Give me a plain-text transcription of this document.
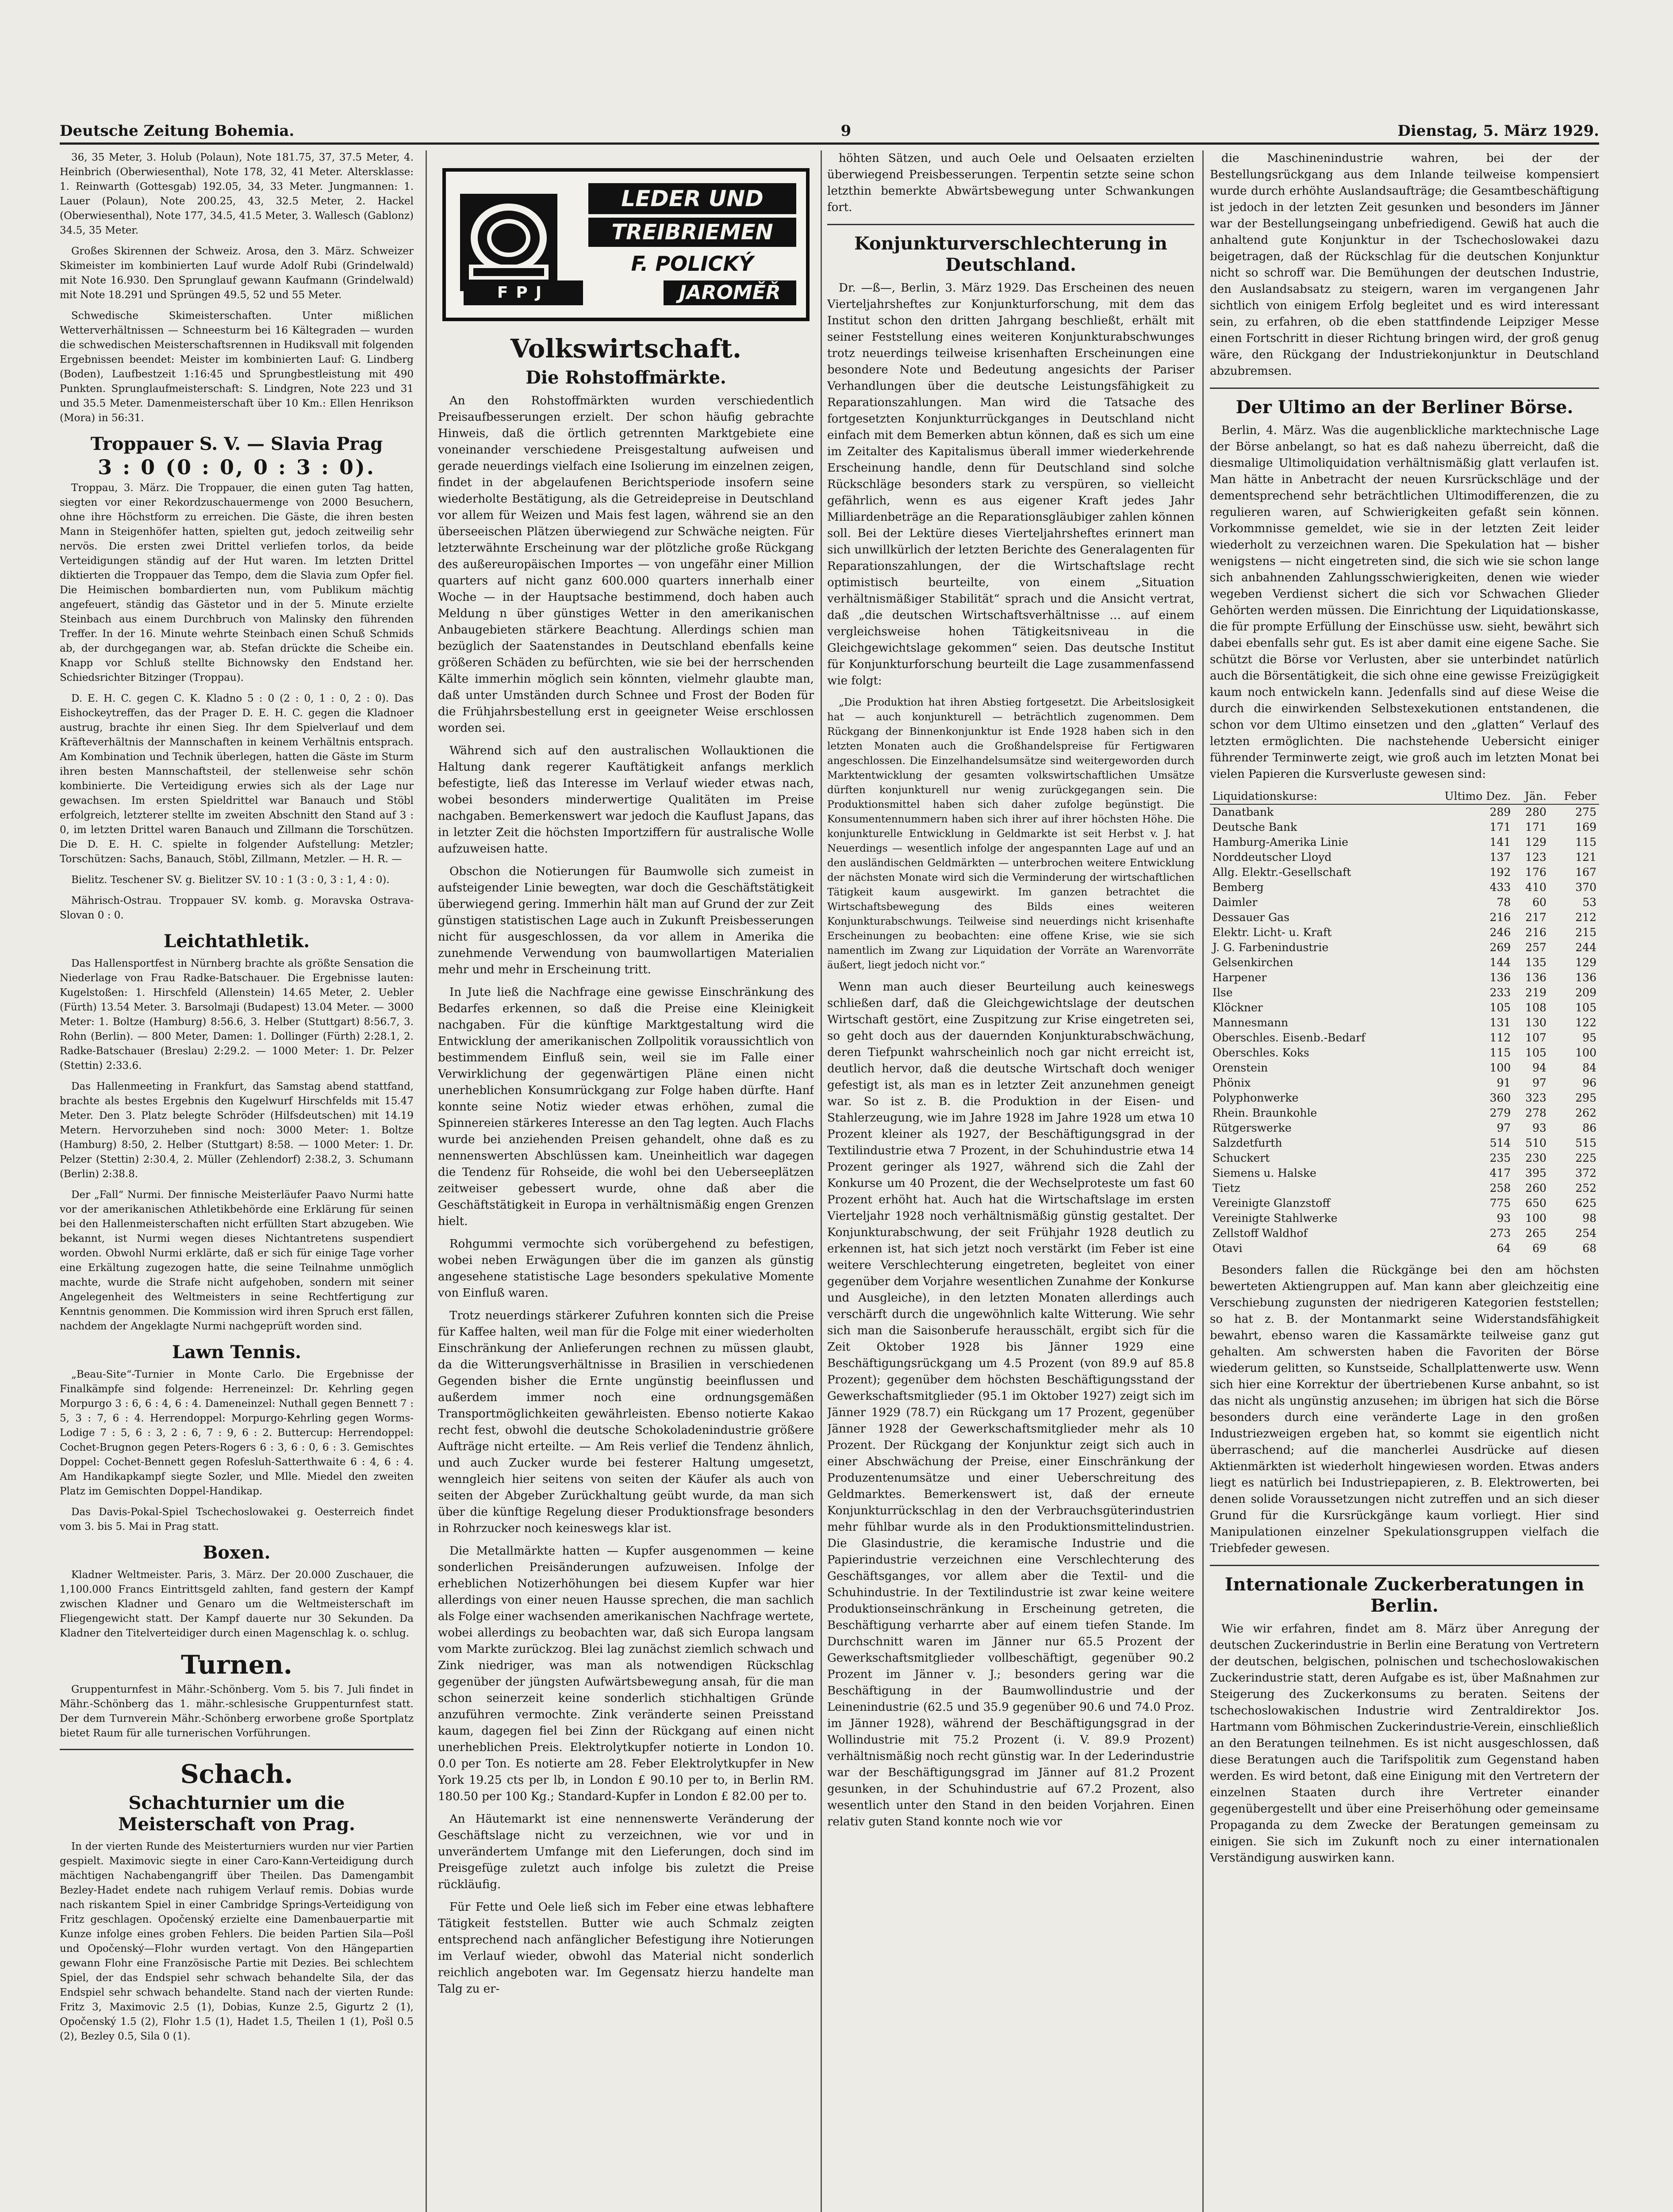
Deutsche Zeitung Bohemia.	9	Dienstag, 5. März 1929.

36, 35 Meter, 3. Holub (Polaun), Note 181.75, 37, 37.5 Meter, 4. Heinbrich (Oberwiesenthal), Note 178, 32, 41 Meter. Altersklasse: 1. Reinwarth (Gottesgab) 192.05, 34, 33 Meter. Jungmannen: 1. Lauer (Polaun), Note 200.25, 43, 32.5 Meter, 2. Hackel (Oberwiesenthal), Note 177, 34.5, 41.5 Meter, 3. Wallesch (Gablonz) 34.5, 35 Meter.

Großes Skirennen der Schweiz. Arosa, den 3. März. Schweizer Skimeister im kombinierten Lauf wurde Adolf Rubi (Grindelwald) mit Note 16.930. Den Sprunglauf gewann Kaufmann (Grindelwald) mit Note 18.291 und Sprüngen 49.5, 52 und 55 Meter.

Schwedische Skimeisterschaften. Unter mißlichen Wetterverhältnissen — Schneesturm bei 16 Kältegraden — wurden die schwedischen Meisterschaftsrennen in Hudiksvall mit folgenden Ergebnissen beendet: Meister im kombinierten Lauf: G. Lindberg (Boden), Laufbestzeit 1:16:45 und Sprungbestleistung mit 490 Punkten. Sprunglaufmeisterschaft: S. Lindgren, Note 223 und 31 und 35.5 Meter. Damenmeisterschaft über 10 Km.: Ellen Henrikson (Mora) in 56:31.

Troppauer S. V. — Slavia Prag
3 : 0 (0 : 0, 0 : 3 : 0).

Troppau, 3. März. Die Troppauer, die einen guten Tag hatten, siegten vor einer Rekordzuschauermenge von 2000 Besuchern, ohne ihre Höchstform zu erreichen. Die Gäste, die ihren besten Mann in Steigenhöfer hatten, spielten gut, jedoch zeitweilig sehr nervös. Die ersten zwei Drittel verliefen torlos, da beide Verteidigungen ständig auf der Hut waren. Im letzten Drittel diktierten die Troppauer das Tempo, dem die Slavia zum Opfer fiel. Die Heimischen bombardierten nun, vom Publikum mächtig angefeuert, ständig das Gästetor und in der 5. Minute erzielte Steinbach aus einem Durchbruch von Malinsky den führenden Treffer. In der 16. Minute wehrte Steinbach einen Schuß Schmids ab, der durchgegangen war, ab. Stefan drückte die Scheibe ein. Knapp vor Schluß stellte Bichnowsky den Endstand her. Schiedsrichter Bitzinger (Troppau).

D. E. H. C. gegen C. K. Kladno 5 : 0 (2 : 0, 1 : 0, 2 : 0). Das Eishockeytreffen, das der Prager D. E. H. C. gegen die Kladnoer austrug, brachte ihr einen Sieg. Ihr dem Spielverlauf und dem Kräfteverhältnis der Mannschaften in keinem Verhältnis entsprach. Am Kombination und Technik überlegen, hatten die Gäste im Sturm ihren besten Mannschaftsteil, der stellenweise sehr schön kombinierte. Die Verteidigung erwies sich als der Lage nur gewachsen. Im ersten Spieldrittel war Banauch und Stöbl erfolgreich, letzterer stellte im zweiten Abschnitt den Stand auf 3 : 0, im letzten Drittel waren Banauch und Zillmann die Torschützen. Die D. E. H. C. spielte in folgender Aufstellung: Metzler; Torschützen: Sachs, Banauch, Stöbl, Zillmann, Metzler. — H. R. —

Bielitz. Teschener SV. g. Bielitzer SV. 10 : 1 (3 : 0, 3 : 1, 4 : 0).

Mährisch-Ostrau. Troppauer SV. komb. g. Moravska Ostrava-Slovan 0 : 0.

Leichtathletik.

Das Hallensportfest in Nürnberg brachte als größte Sensation die Niederlage von Frau Radke-Batschauer. Die Ergebnisse lauten: Kugelstoßen: 1. Hirschfeld (Allenstein) 14.65 Meter, 2. Uebler (Fürth) 13.54 Meter. 3. Barsolmaji (Budapest) 13.04 Meter. — 3000 Meter: 1. Boltze (Hamburg) 8:56.6, 3. Helber (Stuttgart) 8:56.7, 3. Rohn (Berlin). — 800 Meter, Damen: 1. Dollinger (Fürth) 2:28.1, 2. Radke-Batschauer (Breslau) 2:29.2. — 1000 Meter: 1. Dr. Pelzer (Stettin) 2:33.6.

Das Hallenmeeting in Frankfurt, das Samstag abend stattfand, brachte als bestes Ergebnis den Kugelwurf Hirschfelds mit 15.47 Meter. Den 3. Platz belegte Schröder (Hilfsdeutschen) mit 14.19 Metern. Hervorzuheben sind noch: 3000 Meter: 1. Boltze (Hamburg) 8:50, 2. Helber (Stuttgart) 8:58. — 1000 Meter: 1. Dr. Pelzer (Stettin) 2:30.4, 2. Müller (Zehlendorf) 2:38.2, 3. Schumann (Berlin) 2:38.8.

Der „Fall“ Nurmi. Der finnische Meisterläufer Paavo Nurmi hatte vor der amerikanischen Athletikbehörde eine Erklärung für seinen bei den Hallenmeisterschaften nicht erfüllten Start abzugeben. Wie bekannt, ist Nurmi wegen dieses Nichtantretens suspendiert worden. Obwohl Nurmi erklärte, daß er sich für einige Tage vorher eine Erkältung zugezogen hatte, die seine Teilnahme unmöglich machte, wurde die Strafe nicht aufgehoben, sondern mit seiner Angelegenheit des Weltmeisters in seine Rechtfertigung zur Kenntnis genommen. Die Kommission wird ihren Spruch erst fällen, nachdem der Angeklagte Nurmi nachgeprüft worden sind.

Lawn Tennis.

„Beau-Site“-Turnier in Monte Carlo. Die Ergebnisse der Finalkämpfe sind folgende: Herreneinzel: Dr. Kehrling gegen Morpurgo 3 : 6, 6 : 4, 6 : 4. Dameneinzel: Nuthall gegen Bennett 7 : 5, 3 : 7, 6 : 4. Herrendoppel: Morpurgo-Kehrling gegen Worms-Lodige 7 : 5, 6 : 3, 2 : 6, 7 : 9, 6 : 2. Buttercup: Herrendoppel: Cochet-Brugnon gegen Peters-Rogers 6 : 3, 6 : 0, 6 : 3. Gemischtes Doppel: Cochet-Bennett gegen Rofesluh-Satterthwaite 6 : 4, 6 : 4. Am Handikapkampf siegte Sozler, und Mlle. Miedel den zweiten Platz im Gemischten Doppel-Handikap.

Das Davis-Pokal-Spiel Tschechoslowakei g. Oesterreich findet vom 3. bis 5. Mai in Prag statt.

Boxen.

Kladner Weltmeister. Paris, 3. März. Der 20.000 Zuschauer, die 1,100.000 Francs Eintrittsgeld zahlten, fand gestern der Kampf zwischen Kladner und Genaro um die Weltmeisterschaft im Fliegengewicht statt. Der Kampf dauerte nur 30 Sekunden. Da Kladner den Titelverteidiger durch einen Magenschlag k. o. schlug.

Turnen.

Gruppenturnfest in Mähr.-Schönberg. Vom 5. bis 7. Juli findet in Mähr.-Schönberg das 1. mähr.-schlesische Gruppenturnfest statt. Der dem Turnverein Mähr.-Schönberg erworbene große Sportplatz bietet Raum für alle turnerischen Vorführungen.

Schach.
Schachturnier um die Meisterschaft von Prag.

In der vierten Runde des Meisterturniers wurden nur vier Partien gespielt. Maximovic siegte in einer Caro-Kann-Verteidigung durch mächtigen Nachabengangriff über Theilen. Das Damengambit Bezley-Hadet endete nach ruhigem Verlauf remis. Dobias wurde nach riskantem Spiel in einer Cambridge Springs-Verteidigung von Fritz geschlagen. Opočenský erzielte eine Damenbauerpartie mit Kunze infolge eines groben Fehlers. Die beiden Partien Sila—Pošl und Opočenský—Flohr wurden vertagt. Von den Hängepartien gewann Flohr eine Französische Partie mit Dezies. Bei schlechtem Spiel, der das Endspiel sehr schwach behandelte Sila, der das Endspiel sehr schwach behandelte. Stand nach der vierten Runde: Fritz 3, Maximovic 2.5 (1), Dobias, Kunze 2.5, Gigurtz 2 (1), Opočenský 1.5 (2), Flohr 1.5 (1), Hadet 1.5, Theilen 1 (1), Pošl 0.5 (2), Bezley 0.5, Sila 0 (1).

LEDER UND
TREIBRIEMEN
F. POLICKÝ
JAROMĚŘ
FPJ
Volkswirtschaft.
Die Rohstoffmärkte.

An den Rohstoffmärkten wurden verschiedentlich Preisaufbesserungen erzielt. Der schon häufig gebrachte Hinweis, daß die örtlich getrennten Marktgebiete eine voneinander verschiedene Preisgestaltung aufweisen und gerade neuerdings vielfach eine Isolierung im einzelnen zeigen, findet in der abgelaufenen Berichtsperiode insofern seine wiederholte Bestätigung, als die Getreidepreise in Deutschland vor allem für Weizen und Mais fest lagen, während sie an den überseeischen Plätzen überwiegend zur Schwäche neigten. Für letzterwähnte Erscheinung war der plötzliche große Rückgang des außereuropäischen Importes — von ungefähr einer Million quarters auf nicht ganz 600.000 quarters innerhalb einer Woche — in der Hauptsache bestimmend, doch haben auch Meldung n über günstiges Wetter in den amerikanischen Anbaugebieten stärkere Beachtung. Allerdings schien man bezüglich der Saatenstandes in Deutschland ebenfalls keine größeren Schäden zu befürchten, wie sie bei der herrschenden Kälte immerhin möglich sein könnten, vielmehr glaubte man, daß unter Umständen durch Schnee und Frost der Boden für die Frühjahrsbestellung erst in geeigneter Weise erschlossen worden sei.

Während sich auf den australischen Wollauktionen die Haltung dank regerer Kauftätigkeit anfangs merklich befestigte, ließ das Interesse im Verlauf wieder etwas nach, wobei besonders minderwertige Qualitäten im Preise nachgaben. Bemerkenswert war jedoch die Kauflust Japans, das in letzter Zeit die höchsten Importziffern für australische Wolle aufzuweisen hatte.

Obschon die Notierungen für Baumwolle sich zumeist in aufsteigender Linie bewegten, war doch die Geschäftstätigkeit überwiegend gering. Immerhin hält man auf Grund der zur Zeit günstigen statistischen Lage auch in Zukunft Preisbesserungen nicht für ausgeschlossen, da vor allem in Amerika die zunehmende Verwendung von baumwollartigen Materialien mehr und mehr in Erscheinung tritt.

In Jute ließ die Nachfrage eine gewisse Einschränkung des Bedarfes erkennen, so daß die Preise eine Kleinigkeit nachgaben. Für die künftige Marktgestaltung wird die Entwicklung der amerikanischen Zollpolitik voraussichtlich von bestimmendem Einfluß sein, weil sie im Falle einer Verwirklichung der gegenwärtigen Pläne einen nicht unerheblichen Konsumrückgang zur Folge haben dürfte. Hanf konnte seine Notiz wieder etwas erhöhen, zumal die Spinnereien stärkeres Interesse an den Tag legten. Auch Flachs wurde bei anziehenden Preisen gehandelt, ohne daß es zu nennenswerten Abschlüssen kam. Uneinheitlich war dagegen die Tendenz für Rohseide, die wohl bei den Ueberseeplätzen zeitweiser gebessert wurde, ohne daß aber die Geschäftstätigkeit in Europa in verhältnismäßig engen Grenzen hielt.

Rohgummi vermochte sich vorübergehend zu befestigen, wobei neben Erwägungen über die im ganzen als günstig angesehene statistische Lage besonders spekulative Momente von Einfluß waren.

Trotz neuerdings stärkerer Zufuhren konnten sich die Preise für Kaffee halten, weil man für die Folge mit einer wiederholten Einschränkung der Anlieferungen rechnen zu müssen glaubt, da die Witterungsverhältnisse in Brasilien in verschiedenen Gegenden bisher die Ernte ungünstig beeinflussen und außerdem immer noch eine ordnungsgemäßen Transportmöglichkeiten gewährleisten. Ebenso notierte Kakao recht fest, obwohl die deutsche Schokoladenindustrie größere Aufträge nicht erteilte. — Am Reis verlief die Tendenz ähnlich, und auch Zucker wurde bei festerer Haltung umgesetzt, wenngleich hier seitens von seiten der Käufer als auch von seiten der Abgeber Zurückhaltung geübt wurde, da man sich über die künftige Regelung dieser Produktionsfrage besonders in Rohrzucker noch keineswegs klar ist.

Die Metallmärkte hatten — Kupfer ausgenommen — keine sonderlichen Preisänderungen aufzuweisen. Infolge der erheblichen Notizerhöhungen bei diesem Kupfer war hier allerdings von einer neuen Hausse sprechen, die man sachlich als Folge einer wachsenden amerikanischen Nachfrage wertete, wobei allerdings zu beobachten war, daß sich Europa langsam vom Markte zurückzog. Blei lag zunächst ziemlich schwach und Zink niedriger, was man als notwendigen Rückschlag gegenüber der jüngsten Aufwärtsbewegung ansah, für die man schon seinerzeit keine sonderlich stichhaltigen Gründe anzuführen vermochte. Zink veränderte seinen Preisstand kaum, dagegen fiel bei Zinn der Rückgang auf einen nicht unerheblichen Preis. Elektrolytkupfer notierte in London 10. 0.0 per Ton. Es notierte am 28. Feber Elektrolytkupfer in New York 19.25 cts per lb, in London £ 90.10 per to, in Berlin RM. 180.50 per 100 Kg.; Standard-Kupfer in London £ 82.00 per to.

An Häutemarkt ist eine nennenswerte Veränderung der Geschäftslage nicht zu verzeichnen, wie vor und in unverändertem Umfange mit den Lieferungen, doch sind im Preisgefüge zuletzt auch infolge bis zuletzt die Preise rückläufig.

Für Fette und Oele ließ sich im Feber eine etwas lebhaftere Tätigkeit feststellen. Butter wie auch Schmalz zeigten entsprechend nach anfänglicher Befestigung ihre Notierungen im Verlauf wieder, obwohl das Material nicht sonderlich reichlich angeboten war. Im Gegensatz hierzu handelte man Talg zu er-

höhten Sätzen, und auch Oele und Oelsaaten erzielten überwiegend Preisbesserungen. Terpentin setzte seine schon letzthin bemerkte Abwärtsbewegung unter Schwankungen fort.

Konjunkturverschlechterung in Deutschland.

Dr. —ß—, Berlin, 3. März 1929. Das Erscheinen des neuen Vierteljahrsheftes zur Konjunkturforschung, mit dem das Institut schon den dritten Jahrgang beschließt, erhält mit seiner Feststellung eines weiteren Konjunkturabschwunges trotz neuerdings teilweise krisenhaften Erscheinungen eine besondere Note und Bedeutung angesichts der Pariser Verhandlungen über die deutsche Leistungsfähigkeit zu Reparationszahlungen. Man wird die Tatsache des fortgesetzten Konjunkturrückganges in Deutschland nicht einfach mit dem Bemerken abtun können, daß es sich um eine im Zeitalter des Kapitalismus überall immer wiederkehrende Erscheinung handle, denn für Deutschland sind solche Rückschläge besonders stark zu verspüren, so vielleicht gefährlich, wenn es aus eigener Kraft jedes Jahr Milliardenbeträge an die Reparationsgläubiger zahlen können soll. Bei der Lektüre dieses Vierteljahrsheftes erinnert man sich unwillkürlich der letzten Berichte des Generalagenten für Reparationszahlungen, der die Wirtschaftslage recht optimistisch beurteilte, von einem „Situation verhältnismäßiger Stabilität“ sprach und die Ansicht vertrat, daß „die deutschen Wirtschaftsverhältnisse … auf einem vergleichsweise hohen Tätigkeitsniveau in die Gleichgewichtslage gekommen“ seien. Das deutsche Institut für Konjunkturforschung beurteilt die Lage zusammenfassend wie folgt:

„Die Produktion hat ihren Abstieg fortgesetzt. Die Arbeitslosigkeit hat — auch konjunkturell — beträchtlich zugenommen. Dem Rückgang der Binnenkonjunktur ist Ende 1928 haben sich in den letzten Monaten auch die Großhandelspreise für Fertigwaren angeschlossen. Die Einzelhandelsumsätze sind weitergeworden durch Marktentwicklung der gesamten volkswirtschaftlichen Umsätze dürften konjunkturell nur wenig zurückgegangen sein. Die Produktionsmittel haben sich daher zufolge begünstigt. Die Konsumentennummern haben sich ihrer auf ihrer höchsten Höhe. Die konjunkturelle Entwicklung in Geldmarkte ist seit Herbst v. J. hat Neuerdings — wesentlich infolge der angespannten Lage auf und an den ausländischen Geldmärkten — unterbrochen weitere Entwicklung der nächsten Monate wird sich die Verminderung der wirtschaftlichen Tätigkeit kaum ausgewirkt. Im ganzen betrachtet die Wirtschaftsbewegung des Bilds eines weiteren Konjunkturabschwungs. Teilweise sind neuerdings nicht krisenhafte Erscheinungen zu beobachten: eine offene Krise, wie sie sich namentlich im Zwang zur Liquidation der Vorräte an Warenvorräte äußert, liegt jedoch nicht vor.“

Wenn man auch dieser Beurteilung auch keineswegs schließen darf, daß die Gleichgewichtslage der deutschen Wirtschaft gestört, eine Zuspitzung zur Krise eingetreten sei, so geht doch aus der dauernden Konjunkturabschwächung, deren Tiefpunkt wahrscheinlich noch gar nicht erreicht ist, deutlich hervor, daß die deutsche Wirtschaft doch weniger gefestigt ist, als man es in letzter Zeit anzunehmen geneigt war. So ist z. B. die Produktion in der Eisen- und Stahlerzeugung, wie im Jahre 1928 im Jahre 1928 um etwa 10 Prozent kleiner als 1927, der Beschäftigungsgrad in der Textilindustrie etwa 7 Prozent, in der Schuhindustrie etwa 14 Prozent geringer als 1927, während sich die Zahl der Konkurse um 40 Prozent, die der Wechselproteste um fast 60 Prozent erhöht hat. Auch hat die Wirtschaftslage im ersten Vierteljahr 1928 noch verhältnismäßig günstig gestaltet. Der Konjunkturabschwung, der seit Frühjahr 1928 deutlich zu erkennen ist, hat sich jetzt noch verstärkt (im Feber ist eine weitere Verschlechterung eingetreten, begleitet von einer gegenüber dem Vorjahre wesentlichen Zunahme der Konkurse und Ausgleiche), in den letzten Monaten allerdings auch verschärft durch die ungewöhnlich kalte Witterung. Wie sehr sich man die Saisonberufe herausschält, ergibt sich für die Zeit Oktober 1928 bis Jänner 1929 eine Beschäftigungsrückgang um 4.5 Prozent (von 89.9 auf 85.8 Prozent); gegenüber dem höchsten Beschäftigungsstand der Gewerkschaftsmitglieder (95.1 im Oktober 1927) zeigt sich im Jänner 1929 (78.7) ein Rückgang um 17 Prozent, gegenüber Jänner 1928 der Gewerkschaftsmitglieder mehr als 10 Prozent. Der Rückgang der Konjunktur zeigt sich auch in einer Abschwächung der Preise, einer Einschränkung der Produzentenumsätze und einer Ueberschreitung des Geldmarktes. Bemerkenswert ist, daß der erneute Konjunkturrückschlag in den der Verbrauchsgüterindustrien mehr fühlbar wurde als in den Produktionsmittelindustrien. Die Glasindustrie, die keramische Industrie und die Papierindustrie verzeichnen eine Verschlechterung des Geschäftsganges, vor allem aber die Textil- und die Schuhindustrie. In der Textilindustrie ist zwar keine weitere Produktionseinschränkung in Erscheinung getreten, die Beschäftigung verharrte aber auf einem tiefen Stande. Im Durchschnitt waren im Jänner nur 65.5 Prozent der Gewerkschaftsmitglieder vollbeschäftigt, gegenüber 90.2 Prozent im Jänner v. J.; besonders gering war die Beschäftigung in der Baumwollindustrie und der Leinenindustrie (62.5 und 35.9 gegenüber 90.6 und 74.0 Proz. im Jänner 1928), während der Beschäftigungsgrad in der Wollindustrie mit 75.2 Prozent (i. V. 89.9 Prozent) verhältnismäßig noch recht günstig war. In der Lederindustrie war der Beschäftigungsgrad im Jänner auf 81.2 Prozent gesunken, in der Schuhindustrie auf 67.2 Prozent, also wesentlich unter den Stand in den beiden Vorjahren. Einen relativ guten Stand konnte noch wie vor

die Maschinenindustrie wahren, bei der der Bestellungsrückgang aus dem Inlande teilweise kompensiert wurde durch erhöhte Auslandsaufträge; die Gesamtbeschäftigung ist jedoch in der letzten Zeit gesunken und besonders im Jänner war der Bestellungseingang unbefriedigend. Gewiß hat auch die anhaltend gute Konjunktur in der Tschechoslowakei dazu beigetragen, daß der Rückschlag für die deutschen Konjunktur nicht so schroff war. Die Bemühungen der deutschen Industrie, den Auslandsabsatz zu steigern, waren im vergangenen Jahr sichtlich von einigem Erfolg begleitet und es wird interessant sein, zu erfahren, ob die eben stattfindende Leipziger Messe einen Fortschritt in dieser Richtung bringen wird, der groß genug wäre, den Rückgang der Industriekonjunktur in Deutschland abzubremsen.

Der Ultimo an der Berliner Börse.

Berlin, 4. März. Was die augenblickliche marktechnische Lage der Börse anbelangt, so hat es daß nahezu überreicht, daß die diesmalige Ultimoliquidation verhältnismäßig glatt verlaufen ist. Man hätte in Anbetracht der neuen Kursrückschläge und der dementsprechend sehr beträchtlichen Ultimodifferenzen, die zu regulieren waren, auf Schwierigkeiten gefaßt sein können. Vorkommnisse gemeldet, wie sie in der letzten Zeit leider wiederholt zu verzeichnen waren. Die Spekulation hat — bisher wenigstens — nicht eingetreten sind, die sich wie sie schon lange sich anbahnenden Zahlungsschwierigkeiten, denen wie wieder wegeben Verdienst sichert die sich vor Schwachen Glieder Gehörten werden müssen. Die Einrichtung der Liquidationskasse, die für prompte Erfüllung der Einschüsse usw. sieht, bewährt sich dabei ebenfalls sehr gut. Es ist aber damit eine eigene Sache. Sie schützt die Börse vor Verlusten, aber sie unterbindet natürlich auch die Börsentätigkeit, die sich ohne eine gewisse Freizügigkeit kaum noch entwickeln kann. Jedenfalls sind auf diese Weise die durch die einwirkenden Selbstexekutionen entstandenen, die schon vor dem Ultimo einsetzen und den „glatten“ Verlauf des letzten ermöglichten. Die nachstehende Uebersicht einiger führender Terminwerte zeigt, wie groß auch im letzten Monat bei vielen Papieren die Kursverluste gewesen sind:

Liquidationskurse:	Ultimo Dez.	Jän.	Feber
Danatbank	289	280	275
Deutsche Bank	171	171	169
Hamburg-Amerika Linie	141	129	115
Norddeutscher Lloyd	137	123	121
Allg. Elektr.-Gesellschaft	192	176	167
Bemberg	433	410	370
Daimler	78	60	53
Dessauer Gas	216	217	212
Elektr. Licht- u. Kraft	246	216	215
J. G. Farbenindustrie	269	257	244
Gelsenkirchen	144	135	129
Harpener	136	136	136
Ilse	233	219	209
Klöckner	105	108	105
Mannesmann	131	130	122
Oberschles. Eisenb.-Bedarf	112	107	95
Oberschles. Koks	115	105	100
Orenstein	100	94	84
Phönix	91	97	96
Polyphonwerke	360	323	295
Rhein. Braunkohle	279	278	262
Rütgerswerke	97	93	86
Salzdetfurth	514	510	515
Schuckert	235	230	225
Siemens u. Halske	417	395	372
Tietz	258	260	252
Vereinigte Glanzstoff	775	650	625
Vereinigte Stahlwerke	93	100	98
Zellstoff Waldhof	273	265	254
Otavi	64	69	68

Besonders fallen die Rückgänge bei den am höchsten bewerteten Aktiengruppen auf. Man kann aber gleichzeitig eine Verschiebung zugunsten der niedrigeren Kategorien feststellen; so hat z. B. der Montanmarkt seine Widerstandsfähigkeit bewahrt, ebenso waren die Kassamärkte teilweise ganz gut gehalten. Am schwersten haben die Favoriten der Börse wiederum gelitten, so Kunstseide, Schallplattenwerte usw. Wenn sich hier eine Korrektur der übertriebenen Kurse anbahnt, so ist das nicht als ungünstig anzusehen; im übrigen hat sich die Börse besonders durch eine veränderte Lage in den großen Industriezweigen ergeben hat, so kommt sie eigentlich nicht überraschend; auf die mancherlei Ausdrücke auf diesen Aktienmärkten ist wiederholt hingewiesen worden. Etwas anders liegt es natürlich bei Industriepapieren, z. B. Elektrowerten, bei denen solide Voraussetzungen nicht zutreffen und an sich dieser Grund für die Kursrückgänge kaum vorliegt. Hier sind Manipulationen einzelner Spekulationsgruppen vielfach die Triebfeder gewesen.

Internationale Zuckerberatungen in Berlin.

Wie wir erfahren, findet am 8. März über Anregung der deutschen Zuckerindustrie in Berlin eine Beratung von Vertretern der deutschen, belgischen, polnischen und tschechoslowakischen Zuckerindustrie statt, deren Aufgabe es ist, über Maßnahmen zur Steigerung des Zuckerkonsums zu beraten. Seitens der tschechoslowakischen Industrie wird Zentraldirektor Jos. Hartmann vom Böhmischen Zuckerindustrie-Verein, einschließlich an den Beratungen teilnehmen. Es ist nicht ausgeschlossen, daß diese Beratungen auch die Tarifspolitik zum Gegenstand haben werden. Es wird betont, daß eine Einigung mit den Vertretern der einzelnen Staaten durch ihre Vertreter einander gegenübergestellt und über eine Preiserhöhung oder gemeinsame Propaganda zu dem Zwecke der Beratungen gemeinsam zu einigen. Sie sich im Zukunft noch zu einer internationalen Verständigung auswirken kann.
